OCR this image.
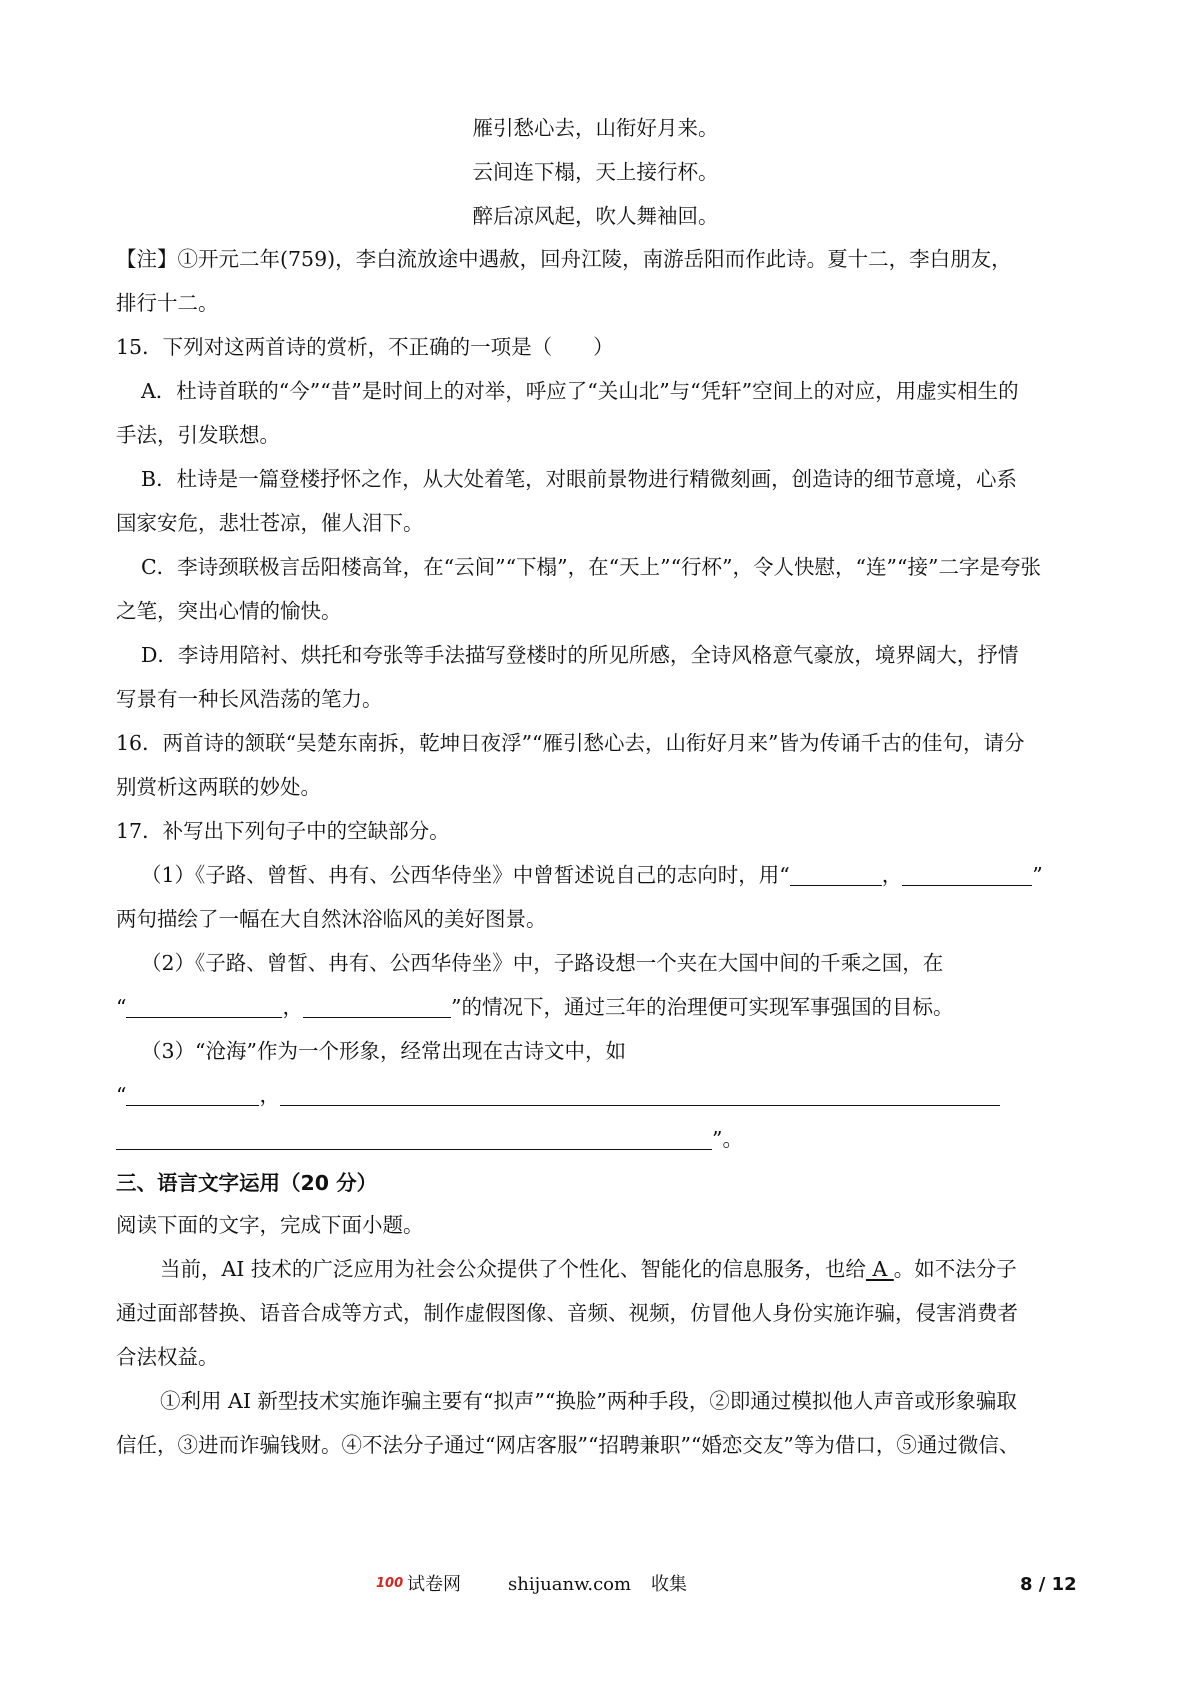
雁引愁心去，山衔好月来。
云间连下榻，天上接行杯。
醉后凉风起，吹人舞袖回。
【注】①开元二年(759)，李白流放途中遇赦，回舟江陵，南游岳阳而作此诗。夏十二，李白朋友，
排行十二。
15．下列对这两首诗的赏析，不正确的一项是（　　）
A．杜诗首联的“今”“昔”是时间上的对举，呼应了“关山北”与“凭轩”空间上的对应，用虚实相生的
手法，引发联想。
B．杜诗是一篇登楼抒怀之作，从大处着笔，对眼前景物进行精微刻画，创造诗的细节意境，心系
国家安危，悲壮苍凉，催人泪下。
C．李诗颈联极言岳阳楼高耸，在“云间”“下榻”，在“天上”“行杯”，令人快慰，“连”“接”二字是夸张
之笔，突出心情的愉快。
D．李诗用陪衬、烘托和夸张等手法描写登楼时的所见所感，全诗风格意气豪放，境界阔大，抒情
写景有一种长风浩荡的笔力。
16．两首诗的颔联“吴楚东南拆，乾坤日夜浮”“雁引愁心去，山衔好月来”皆为传诵千古的佳句，请分
别赏析这两联的妙处。
17．补写出下列句子中的空缺部分。
（1）《子路、曾皙、冉有、公西华侍坐》中曾皙述说自己的志向时，用“	，	”
两句描绘了一幅在大自然沐浴临风的美好图景。
（2）《子路、曾皙、冉有、公西华侍坐》中，子路设想一个夹在大国中间的千乘之国，在
“	，	”的情况下，通过三年的治理便可实现军事强国的目标。
（3）“沧海”作为一个形象，经常出现在古诗文中，如
“	，
”。
三、语言文字运用（20 分）
阅读下面的文字，完成下面小题。
当前，AI 技术的广泛应用为社会公众提供了个性化、智能化的信息服务，也给 A 。如不法分子
通过面部替换、语音合成等方式，制作虚假图像、音频、视频，仿冒他人身份实施诈骗，侵害消费者
合法权益。
①利用 AI 新型技术实施诈骗主要有“拟声”“换脸”两种手段，②即通过模拟他人声音或形象骗取
信任，③进而诈骗钱财。④不法分子通过“网店客服”“招聘兼职”“婚恋交友”等为借口，⑤通过微信、
100 试卷网	shijuanw.com 收集	8 / 12
